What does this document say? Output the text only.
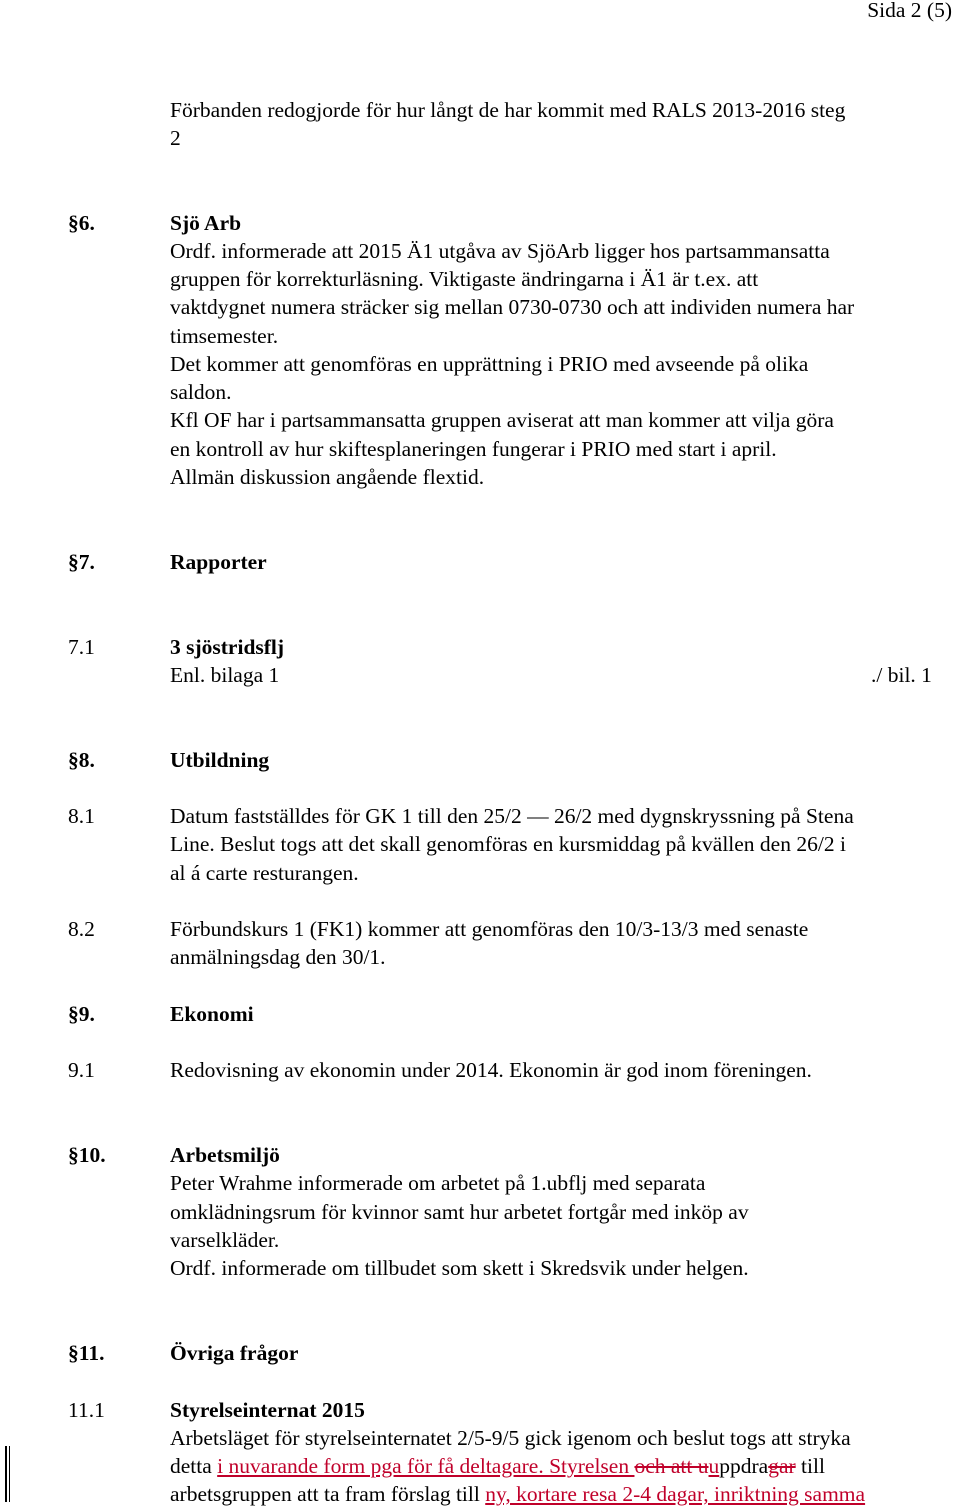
Sida 2 (5)
Förbanden redogjorde för hur långt de har kommit med RALS 2013-2016 steg
2
§6.	Sjö Arb
Ordf. informerade att 2015 Ä1 utgåva av SjöArb ligger hos partsammansatta
gruppen för korrekturläsning. Viktigaste ändringarna i Ä1 är t.ex. att
vaktdygnet numera sträcker sig mellan 0730-0730 och att individen numera har
timsemester.
Det kommer att genomföras en upprättning i PRIO med avseende på olika
saldon.
Kfl OF har i partsammansatta gruppen aviserat att man kommer att vilja göra
en kontroll av hur skiftesplaneringen fungerar i PRIO med start i april.
Allmän diskussion angående flextid.
§7.	Rapporter
7.1	3 sjöstridsflj
Enl. bilaga 1	./ bil. 1
§8.	Utbildning
8.1	Datum fastställdes för GK 1 till den 25/2 — 26/2 med dygnskryssning på Stena
Line. Beslut togs att det skall genomföras en kursmiddag på kvällen den 26/2 i
al á carte resturangen.
8.2	Förbundskurs 1 (FK1) kommer att genomföras den 10/3-13/3 med senaste
anmälningsdag den 30/1.
§9.	Ekonomi
9.1	Redovisning av ekonomin under 2014. Ekonomin är god inom föreningen.
§10.	Arbetsmiljö
Peter Wrahme informerade om arbetet på 1.ubflj med separata
omklädningsrum för kvinnor samt hur arbetet fortgår med inköp av
varselkläder.
Ordf. informerade om tillbudet som skett i Skredsvik under helgen.
§11.	Övriga frågor
11.1	Styrelseinternat 2015
Arbetsläget för styrelseinternatet 2/5-9/5 gick igenom och beslut togs att stryka
detta i nuvarande form pga för få deltagare. Styrelsen och att uuppdragar till
arbetsgruppen att ta fram förslag till ny, kortare resa 2-4 dagar, inriktning samma
